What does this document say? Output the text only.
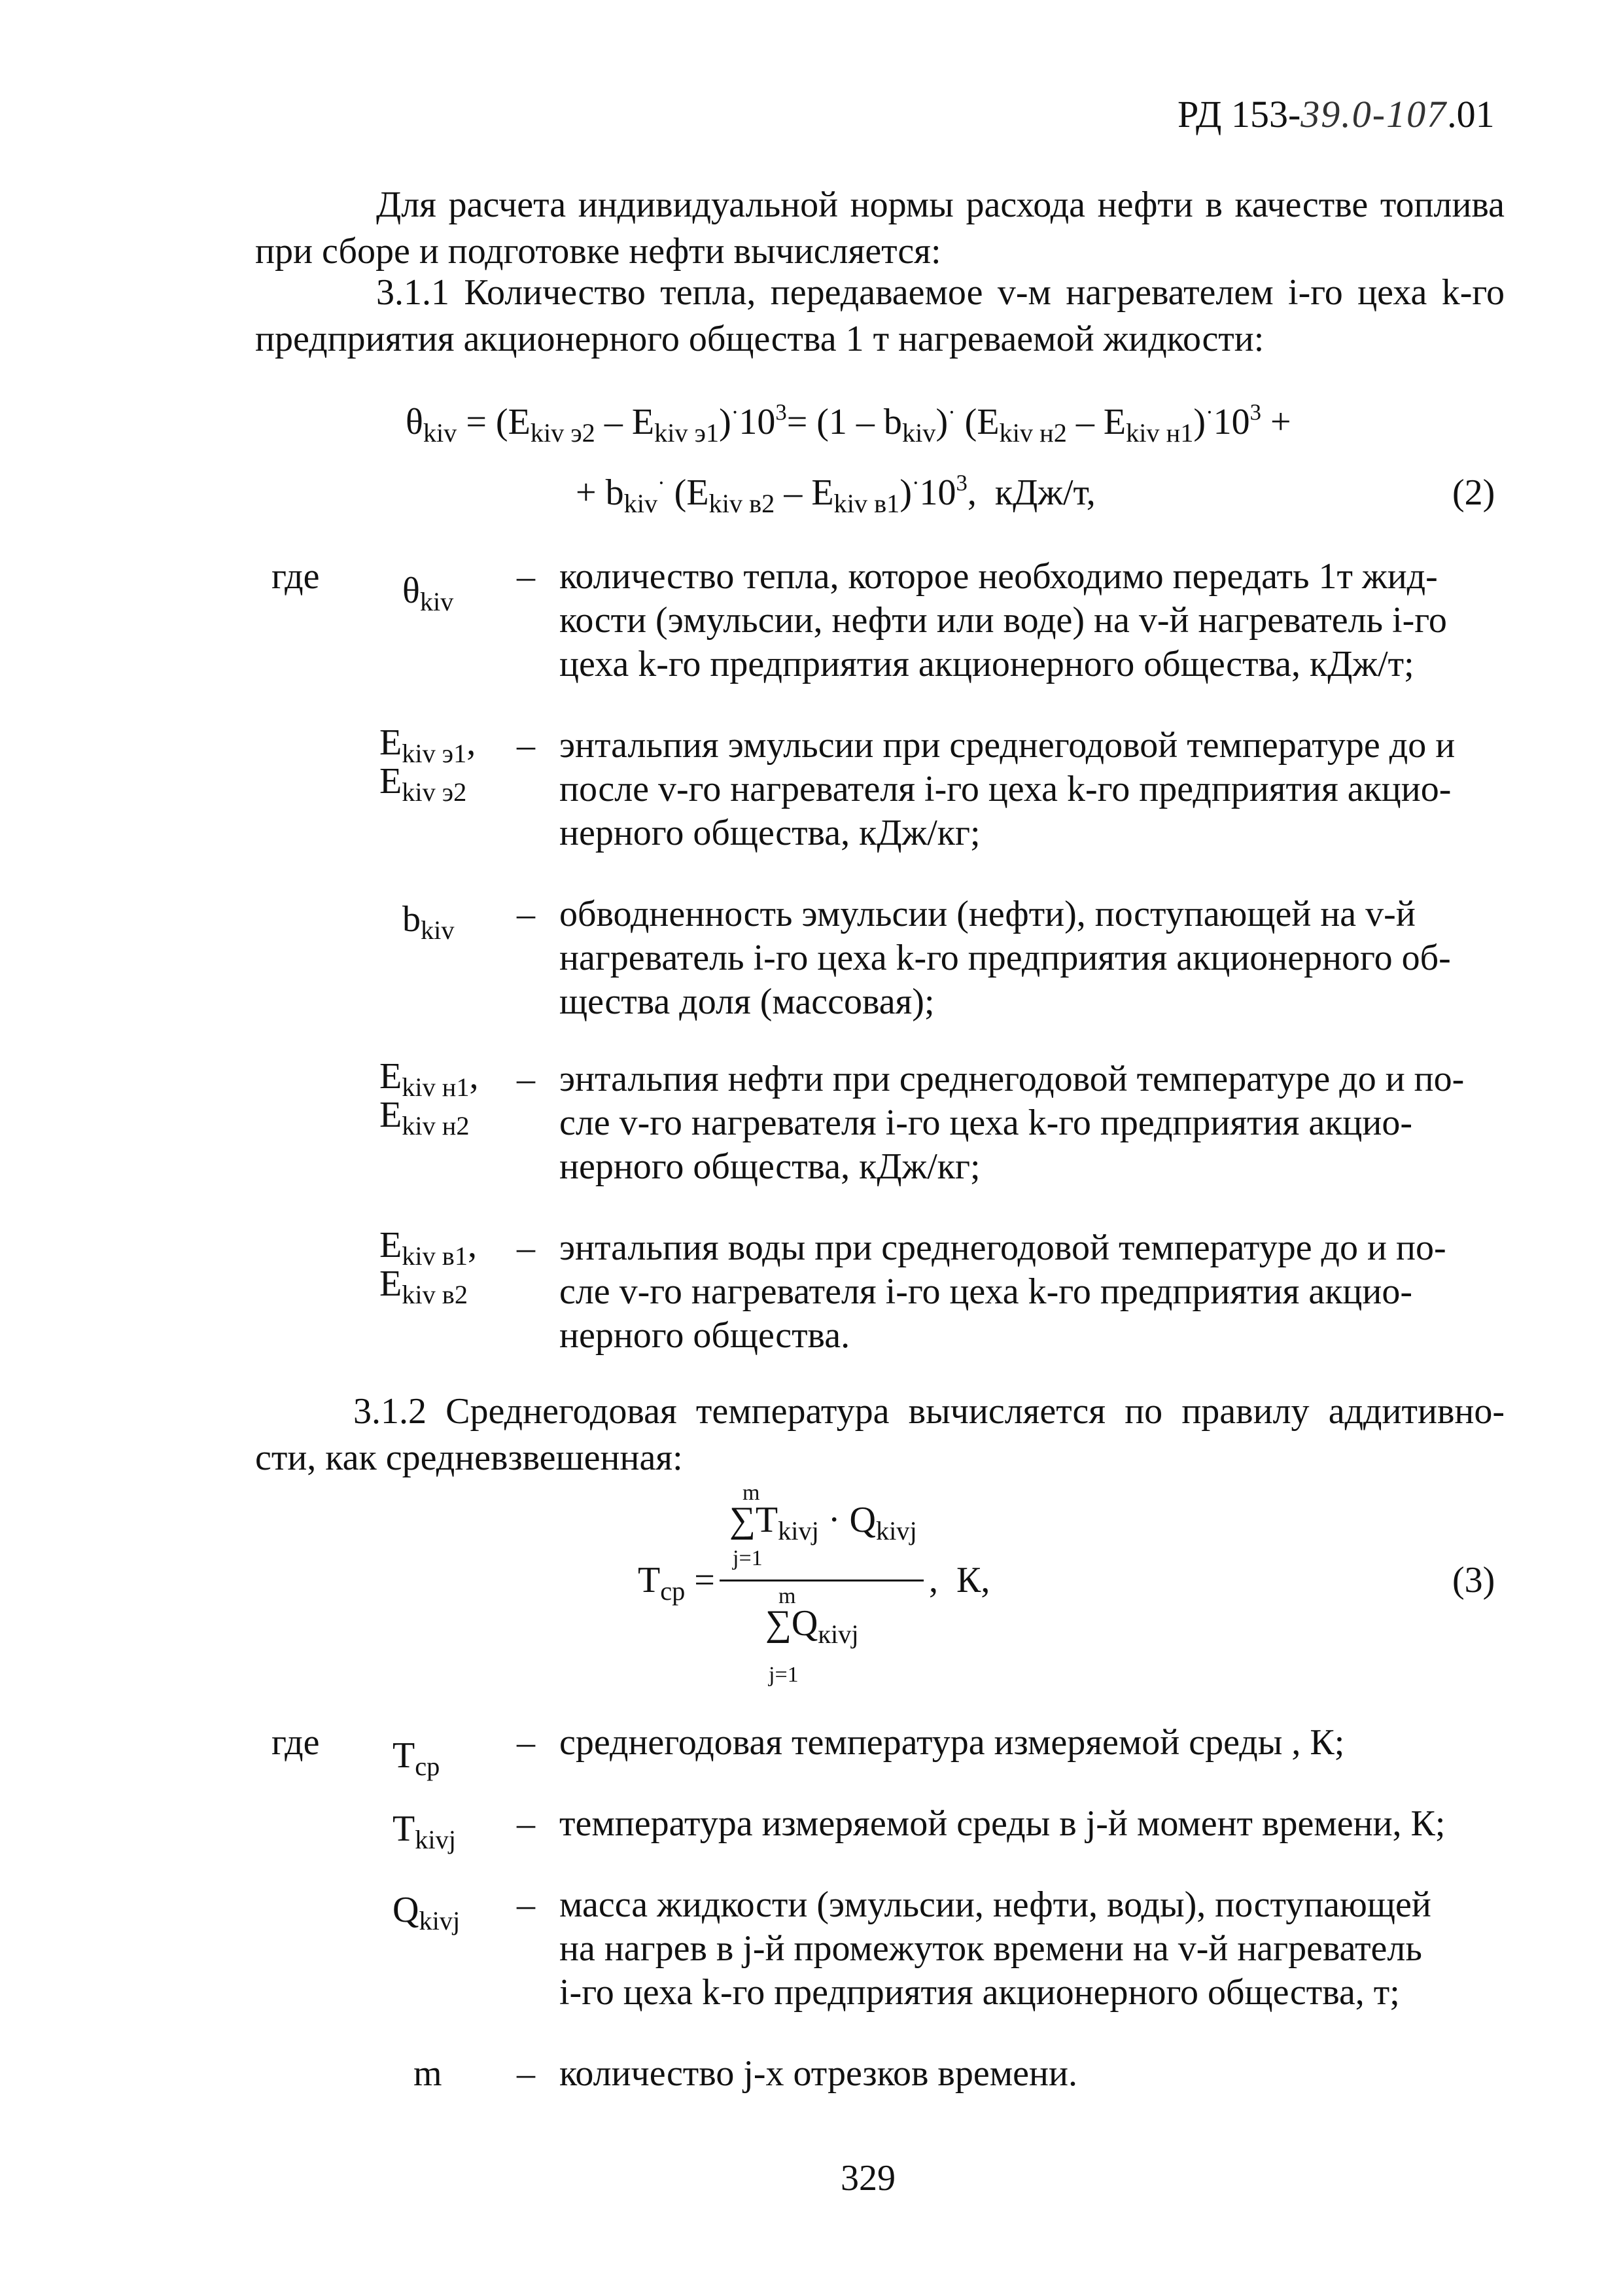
РД 153-39.0-107.01
Для расчета индивидуальной нормы расхода нефти в качестве топлива
при сборе и подготовке нефти вычисляется:
3.1.1 Количество тепла, передаваемое v-м нагревателем i-го цеха k-го
предприятия акционерного общества 1 т нагреваемой жидкости:
$\theta_{kiv} = (E_{kiv э2} - E_{kiv э1})^\cdot 10^3= (1 - b_{kiv})^\cdot$ $(E_{kiv н2} - E_{kiv н1})^\cdot 10^3$ +
+ $b_{kiv}^\cdot$ $(E_{kiv в2} - E_{kiv в1})^\cdot 10^3$,  кДж/т,	(2)
где $\theta_{kiv}$
– количество тепла, которое необходимо передать 1т жид-
кости (эмульсии, нефти или воде) на v-й нагреватель i-го
цеха k-го предприятия акционерного общества, кДж/т;
$E_{kiv э1}$,
$E_{kiv э2}$
– энтальпия эмульсии при среднегодовой температуре до и
после v-го нагревателя i-го цеха k-го предприятия акцио-
нерного общества, кДж/кг;
$b_{kiv}$ – обводненность эмульсии (нефти), поступающей на v-й
нагреватель i-го цеха k-го предприятия акционерного об-
щества доля (массовая);
$E_{kiv н1}$,
$E_{kiv н2}$
– энтальпия нефти при среднегодовой температуре до и по-
сле v-го нагревателя i-го цеха k-го предприятия акцио-
нерного общества, кДж/кг;
$E_{kiv в1}$,
$E_{kiv в2}$
– энтальпия воды при среднегодовой температуре до и по-
сле v-го нагревателя i-го цеха k-го предприятия акцио-
нерного общества.
3.1.2 Среднегодовая температура вычисляется по правилу аддитивно-
сти, как средневзвешенная:
$T_{ср}$ =
m
$\sum T_{kivj} \cdot Q_{kivj}$
j=1
m
$\sum Q_{кivj}$
j=1
,  К,	(3)
где $T_{ср}$
– среднегодовая температура измеряемой среды , К;
$T_{kivj}$ – температура измеряемой среды в j-й момент времени, К;
$Q_{kivj}$ – масса жидкости (эмульсии, нефти, воды), поступающей
на нагрев в j-й промежуток времени на v-й нагреватель
i-го цеха k-го предприятия акционерного общества, т;
m – количество j-х отрезков времени.
329
